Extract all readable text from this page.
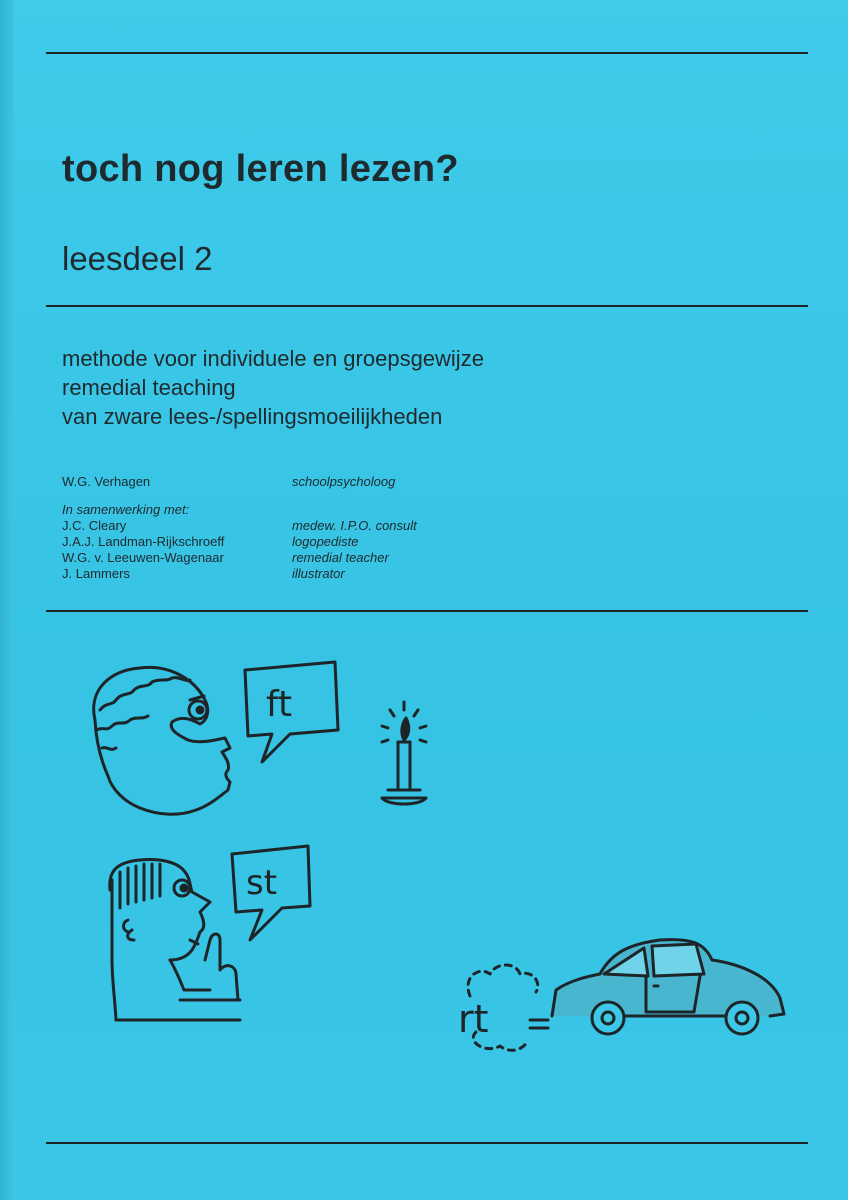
toch nog leren lezen?
leesdeel 2
methode voor individuele en groepsgewijze
remedial teaching
van zware lees-/spellingsmoeilijkheden
W.G. Verhagen	schoolpsycholoog
In samenwerking met:
J.C. Cleary	medew. I.P.O. consult
J.A.J. Landman-Rijkschroeff	logopediste
W.G. v. Leeuwen-Wagenaar	remedial teacher
J. Lammers	illustrator
ft
st
rt
